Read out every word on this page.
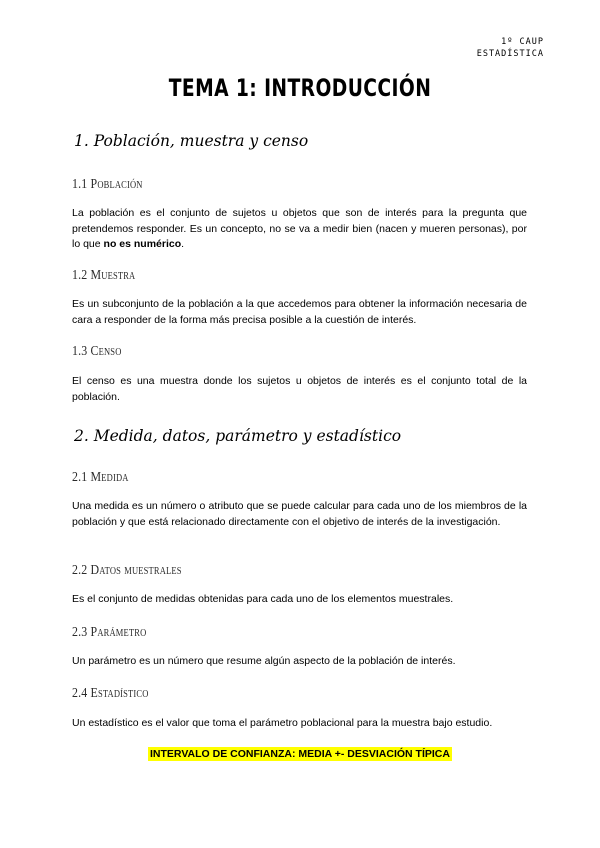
1º CAUP
ESTADÍSTICA
TEMA 1: INTRODUCCIÓN
1. Población, muestra y censo
1.1 Población
La población es el conjunto de sujetos u objetos que son de interés para la pregunta que pretendemos responder. Es un concepto, no se va a medir bien (nacen y mueren personas), por lo que no es numérico.
1.2 Muestra
Es un subconjunto de la población a la que accedemos para obtener la información necesaria de cara a responder de la forma más precisa posible a la cuestión de interés.
1.3 Censo
El censo es una muestra donde los sujetos u objetos de interés es el conjunto total de la población.
2. Medida, datos, parámetro y estadístico
2.1 Medida
Una medida es un número o atributo que se puede calcular para cada uno de los miembros de la población y que está relacionado directamente con el objetivo de interés de la investigación.
2.2 Datos muestrales
Es el conjunto de medidas obtenidas para cada uno de los elementos muestrales.
2.3 Parámetro
Un parámetro es un número que resume algún aspecto de la población de interés.
2.4 Estadístico
Un estadístico es el valor que toma el parámetro poblacional para la muestra bajo estudio.
INTERVALO DE CONFIANZA: MEDIA +- DESVIACIÓN TÍPICA
